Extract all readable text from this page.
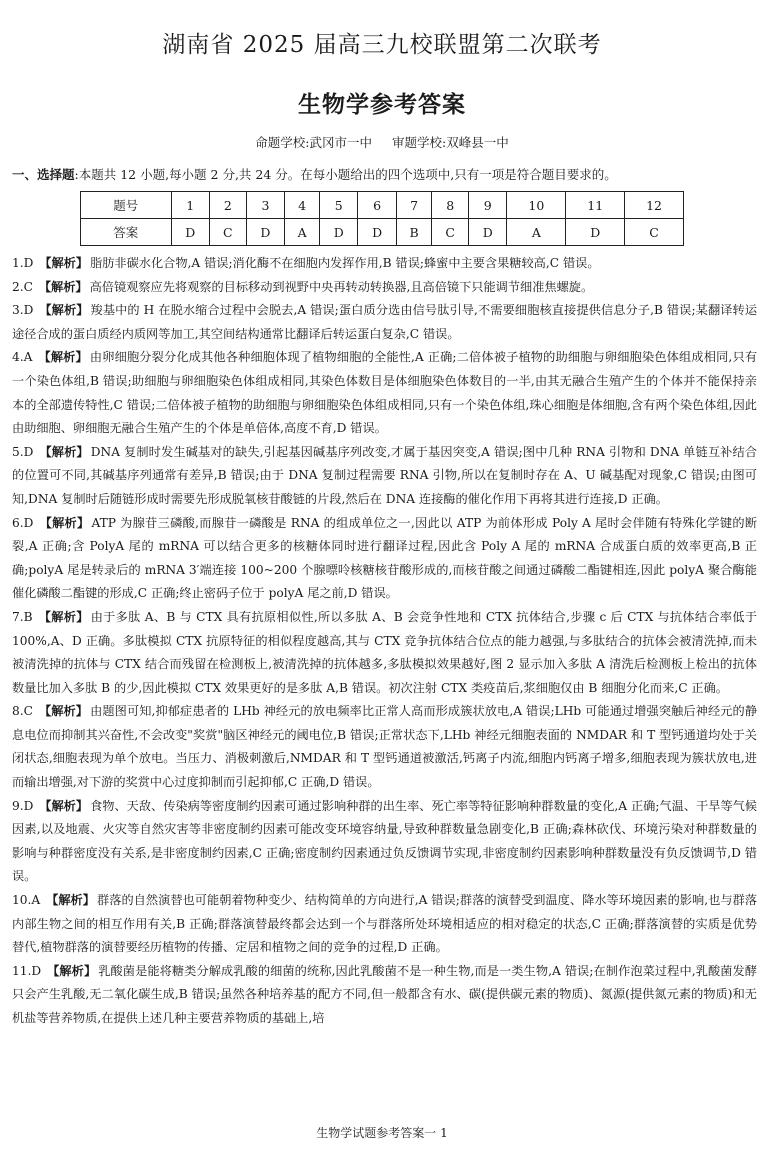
湖南省 2025 届高三九校联盟第二次联考
生物学参考答案
命题学校:武冈市一中 审题学校:双峰县一中
一、选择题:本题共 12 小题,每小题 2 分,共 24 分。在每小题给出的四个选项中,只有一项是符合题目要求的。
题号	1	2	3	4	5	6	7	8	9	10	11	12
答案	D	C	D	A	D	D	B	C	D	A	D	C

1.D 【解析】 脂肪非碳水化合物,A 错误;消化酶不在细胞内发挥作用,B 错误;蜂蜜中主要含果糖较高,C 错误。

2.C 【解析】 高倍镜观察应先将观察的目标移动到视野中央再转动转换器,且高倍镜下只能调节细准焦螺旋。

3.D 【解析】 羧基中的 H 在脱水缩合过程中会脱去,A 错误;蛋白质分选由信号肽引导,不需要细胞核直接提供信息分子,B 错误;某翻译转运途径合成的蛋白质经内质网等加工,其空间结构通常比翻译后转运蛋白复杂,C 错误。

4.A 【解析】 由卵细胞分裂分化成其他各种细胞体现了植物细胞的全能性,A 正确;二倍体被子植物的助细胞与卵细胞染色体组成相同,只有一个染色体组,B 错误;助细胞与卵细胞染色体组成相同,其染色体数目是体细胞染色体数目的一半,由其无融合生殖产生的个体并不能保持亲本的全部遗传特性,C 错误;二倍体被子植物的助细胞与卵细胞染色体组成相同,只有一个染色体组,珠心细胞是体细胞,含有两个染色体组,因此由助细胞、卵细胞无融合生殖产生的个体是单倍体,高度不育,D 错误。

5.D 【解析】 DNA 复制时发生碱基对的缺失,引起基因碱基序列改变,才属于基因突变,A 错误;图中几种 RNA 引物和 DNA 单链互补结合的位置可不同,其碱基序列通常有差异,B 错误;由于 DNA 复制过程需要 RNA 引物,所以在复制时存在 A、U 碱基配对现象,C 错误;由图可知,DNA 复制时后随链形成时需要先形成脱氧核苷酸链的片段,然后在 DNA 连接酶的催化作用下再将其进行连接,D 正确。

6.D 【解析】 ATP 为腺苷三磷酸,而腺苷一磷酸是 RNA 的组成单位之一,因此以 ATP 为前体形成 Poly A 尾时会伴随有特殊化学键的断裂,A 正确;含 PolyA 尾的 mRNA 可以结合更多的核糖体同时进行翻译过程,因此含 Poly A 尾的 mRNA 合成蛋白质的效率更高,B 正确;polyA 尾是转录后的 mRNA 3′端连接 100~200 个腺嘌呤核糖核苷酸形成的,而核苷酸之间通过磷酸二酯键相连,因此 polyA 聚合酶能催化磷酸二酯键的形成,C 正确;终止密码子位于 polyA 尾之前,D 错误。

7.B 【解析】 由于多肽 A、B 与 CTX 具有抗原相似性,所以多肽 A、B 会竞争性地和 CTX 抗体结合,步骤 c 后 CTX 与抗体结合率低于 100%,A、D 正确。多肽模拟 CTX 抗原特征的相似程度越高,其与 CTX 竞争抗体结合位点的能力越强,与多肽结合的抗体会被清洗掉,而未被清洗掉的抗体与 CTX 结合而残留在检测板上,被清洗掉的抗体越多,多肽模拟效果越好,图 2 显示加入多肽 A 清洗后检测板上检出的抗体数量比加入多肽 B 的少,因此模拟 CTX 效果更好的是多肽 A,B 错误。初次注射 CTX 类疫苗后,浆细胞仅由 B 细胞分化而来,C 正确。

8.C 【解析】 由题图可知,抑郁症患者的 LHb 神经元的放电频率比正常人高而形成簇状放电,A 错误;LHb 可能通过增强突触后神经元的静息电位而抑制其兴奋性,不会改变"奖赏"脑区神经元的阈电位,B 错误;正常状态下,LHb 神经元细胞表面的 NMDAR 和 T 型钙通道均处于关闭状态,细胞表现为单个放电。当压力、消极刺激后,NMDAR 和 T 型钙通道被激活,钙离子内流,细胞内钙离子增多,细胞表现为簇状放电,进而输出增强,对下游的奖赏中心过度抑制而引起抑郁,C 正确,D 错误。

9.D 【解析】 食物、天敌、传染病等密度制约因素可通过影响种群的出生率、死亡率等特征影响种群数量的变化,A 正确;气温、干旱等气候因素,以及地震、火灾等自然灾害等非密度制约因素可能改变环境容纳量,导致种群数量急剧变化,B 正确;森林砍伐、环境污染对种群数量的影响与种群密度没有关系,是非密度制约因素,C 正确;密度制约因素通过负反馈调节实现,非密度制约因素影响种群数量没有负反馈调节,D 错误。

10.A 【解析】 群落的自然演替也可能朝着物种变少、结构简单的方向进行,A 错误;群落的演替受到温度、降水等环境因素的影响,也与群落内部生物之间的相互作用有关,B 正确;群落演替最终都会达到一个与群落所处环境相适应的相对稳定的状态,C 正确;群落演替的实质是优势替代,植物群落的演替要经历植物的传播、定居和植物之间的竞争的过程,D 正确。

11.D 【解析】 乳酸菌是能将糖类分解成乳酸的细菌的统称,因此乳酸菌不是一种生物,而是一类生物,A 错误;在制作泡菜过程中,乳酸菌发酵只会产生乳酸,无二氧化碳生成,B 错误;虽然各种培养基的配方不同,但一般都含有水、碳(提供碳元素的物质)、氮源(提供氮元素的物质)和无机盐等营养物质,在提供上述几种主要营养物质的基础上,培

生物学试题参考答案一 1
